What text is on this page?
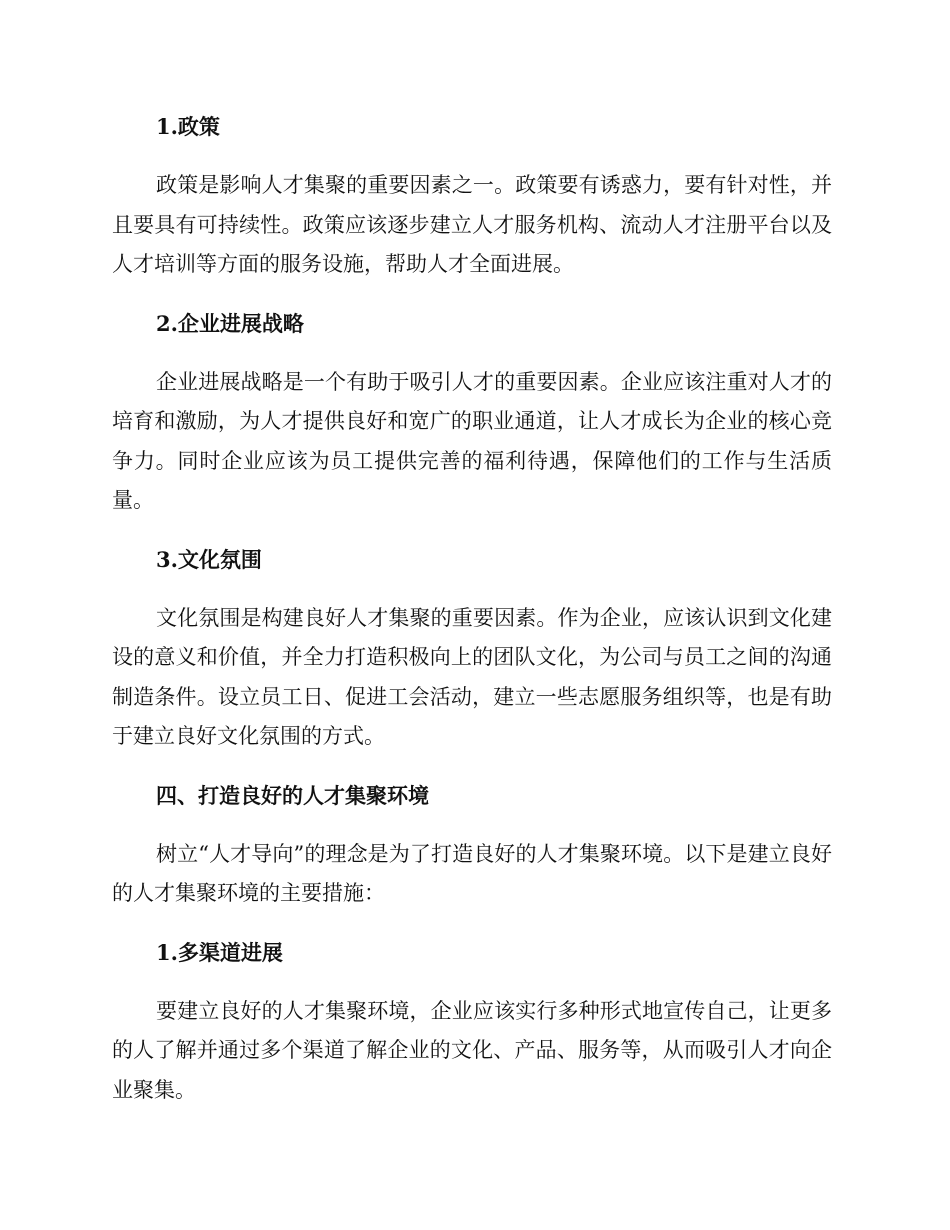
1.政策

政策是影响人才集聚的重要因素之一。政策要有诱惑力，要有针对性，并且要具有可持续性。政策应该逐步建立人才服务机构、流动人才注册平台以及人才培训等方面的服务设施，帮助人才全面进展。

2.企业进展战略

企业进展战略是一个有助于吸引人才的重要因素。企业应该注重对人才的培育和激励，为人才提供良好和宽广的职业通道，让人才成长为企业的核心竞争力。同时企业应该为员工提供完善的福利待遇，保障他们的工作与生活质量。

3.文化氛围

文化氛围是构建良好人才集聚的重要因素。作为企业，应该认识到文化建设的意义和价值，并全力打造积极向上的团队文化，为公司与员工之间的沟通制造条件。设立员工日、促进工会活动，建立一些志愿服务组织等，也是有助于建立良好文化氛围的方式。

四、打造良好的人才集聚环境

树立“人才导向”的理念是为了打造良好的人才集聚环境。以下是建立良好的人才集聚环境的主要措施：

1.多渠道进展

要建立良好的人才集聚环境，企业应该实行多种形式地宣传自己，让更多的人了解并通过多个渠道了解企业的文化、产品、服务等，从而吸引人才向企业聚集。
